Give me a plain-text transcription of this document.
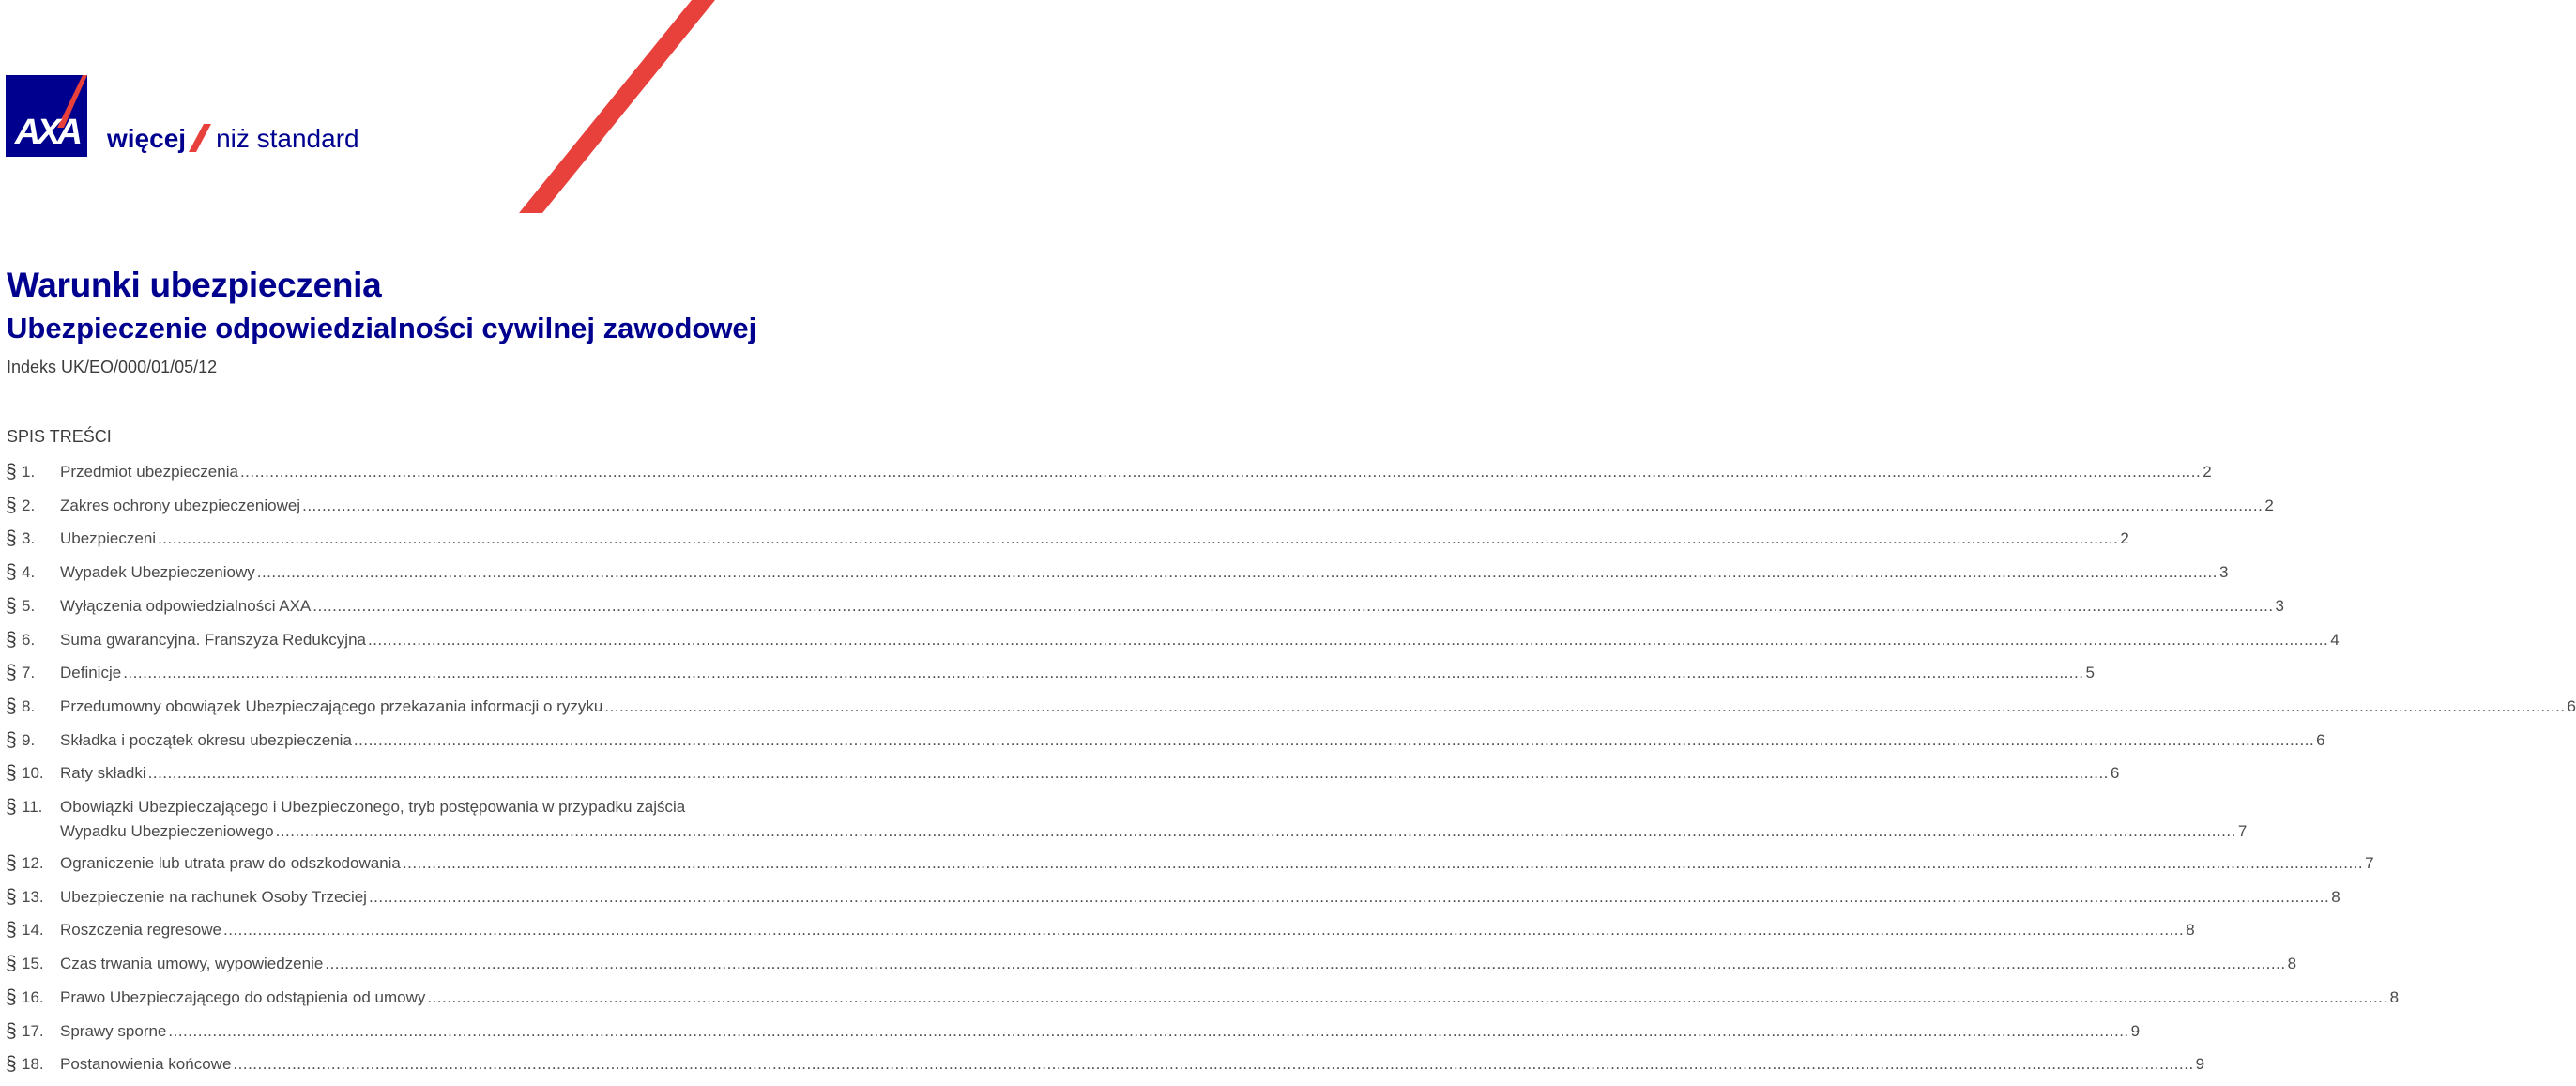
AXA więcej niż standard
Warunki ubezpieczenia
Ubezpieczenie odpowiedzialności cywilnej zawodowej
Indeks UK/EO/000/01/05/12
SPIS TREŚCI
§ 1.	Przedmiot ubezpieczenia ................................................................................................................................................................................................................................................................................................................................................................................................................ 2
§ 2.	Zakres ochrony ubezpieczeniowej ................................................................................................................................................................................................................................................................................................................................................................................................................ 2
§ 3.	Ubezpieczeni ................................................................................................................................................................................................................................................................................................................................................................................................................ 2
§ 4.	Wypadek Ubezpieczeniowy ................................................................................................................................................................................................................................................................................................................................................................................................................ 3
§ 5.	Wyłączenia odpowiedzialności AXA ................................................................................................................................................................................................................................................................................................................................................................................................................ 3
§ 6.	Suma gwarancyjna. Franszyza Redukcyjna ................................................................................................................................................................................................................................................................................................................................................................................................................ 4
§ 7.	Definicje ................................................................................................................................................................................................................................................................................................................................................................................................................ 5
§ 8.	Przedumowny obowiązek Ubezpieczającego przekazania informacji o ryzyku ................................................................................................................................................................................................................................................................................................................................................................................................................ 6
§ 9.	Składka i początek okresu ubezpieczenia ................................................................................................................................................................................................................................................................................................................................................................................................................ 6
§ 10.	Raty składki ................................................................................................................................................................................................................................................................................................................................................................................................................ 6
§ 11.	Obowiązki Ubezpieczającego i Ubezpieczonego, tryb postępowania w przypadku zajścia
Wypadku Ubezpieczeniowego ................................................................................................................................................................................................................................................................................................................................................................................................................ 7
§ 12.	Ograniczenie lub utrata praw do odszkodowania ................................................................................................................................................................................................................................................................................................................................................................................................................ 7
§ 13.	Ubezpieczenie na rachunek Osoby Trzeciej ................................................................................................................................................................................................................................................................................................................................................................................................................ 8
§ 14.	Roszczenia regresowe ................................................................................................................................................................................................................................................................................................................................................................................................................ 8
§ 15.	Czas trwania umowy, wypowiedzenie ................................................................................................................................................................................................................................................................................................................................................................................................................ 8
§ 16.	Prawo Ubezpieczającego do odstąpienia od umowy ................................................................................................................................................................................................................................................................................................................................................................................................................ 8
§ 17.	Sprawy sporne ................................................................................................................................................................................................................................................................................................................................................................................................................ 9
§ 18.	Postanowienia końcowe ................................................................................................................................................................................................................................................................................................................................................................................................................ 9
